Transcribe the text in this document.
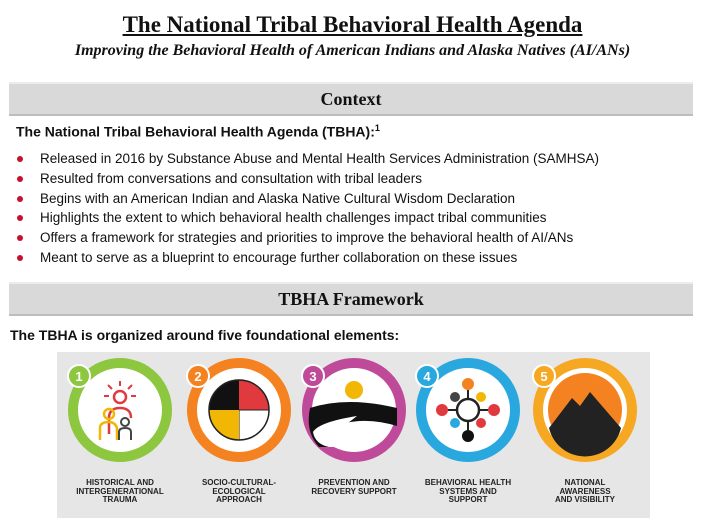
The National Tribal Behavioral Health Agenda
Improving the Behavioral Health of American Indians and Alaska Natives (AI/ANs)
Context
The National Tribal Behavioral Health Agenda (TBHA):$^1$
Released in 2016 by Substance Abuse and Mental Health Services Administration (SAMHSA)
Resulted from conversations and consultation with tribal leaders
Begins with an American Indian and Alaska Native Cultural Wisdom Declaration
Highlights the extent to which behavioral health challenges impact tribal communities
Offers a framework for strategies and priorities to improve the behavioral health of AI/ANs
Meant to serve as a blueprint to encourage further collaboration on these issues
TBHA Framework
The TBHA is organized around five foundational elements:
1	2	3	4	5
HISTORICAL AND
INTERGENERATIONAL
TRAUMA
SOCIO-CULTURAL-
ECOLOGICAL
APPROACH
PREVENTION AND
RECOVERY SUPPORT
BEHAVIORAL HEALTH
SYSTEMS AND
SUPPORT
NATIONAL
AWARENESS
AND VISIBILITY
